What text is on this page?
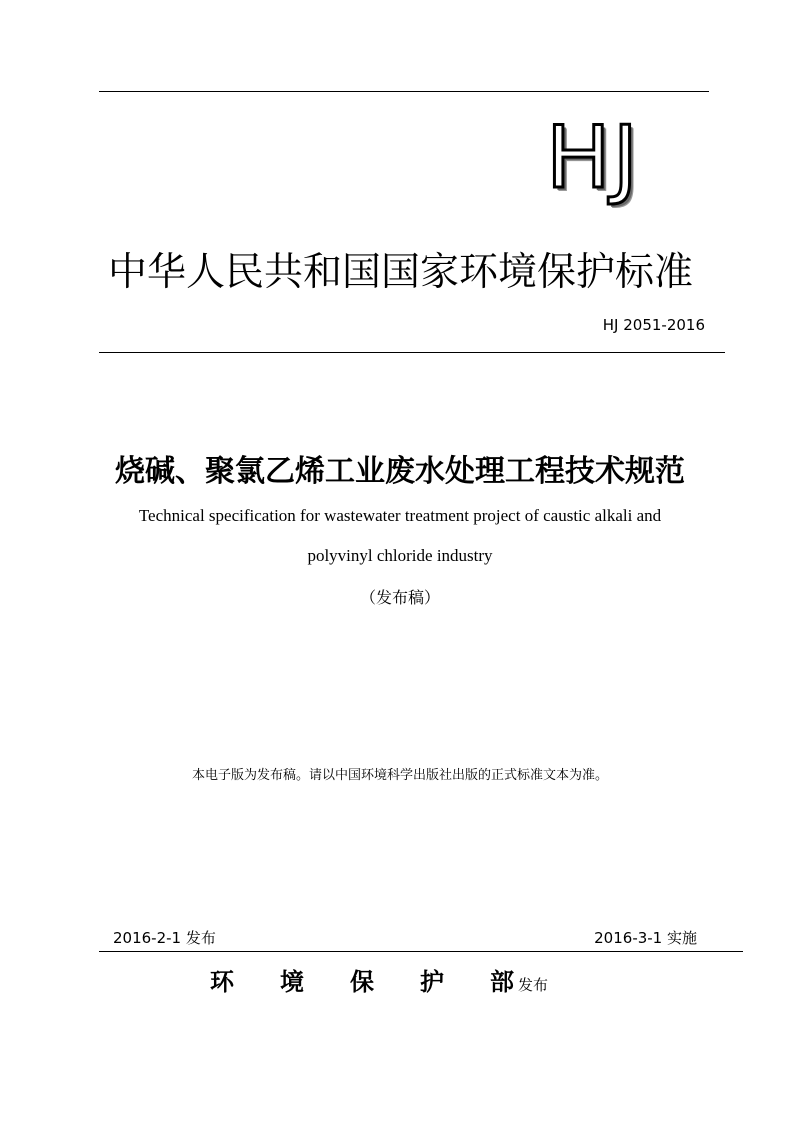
HJ
中华人民共和国国家环境保护标准
HJ 2051-2016
烧碱、聚氯乙烯工业废水处理工程技术规范
Technical specification for wastewater treatment project of caustic alkali and
polyvinyl chloride industry
（发布稿）
本电子版为发布稿。请以中国环境科学出版社出版的正式标准文本为准。
2016-2-1 发布	2016-3-1 实施
环	境	保	护	部 发布
